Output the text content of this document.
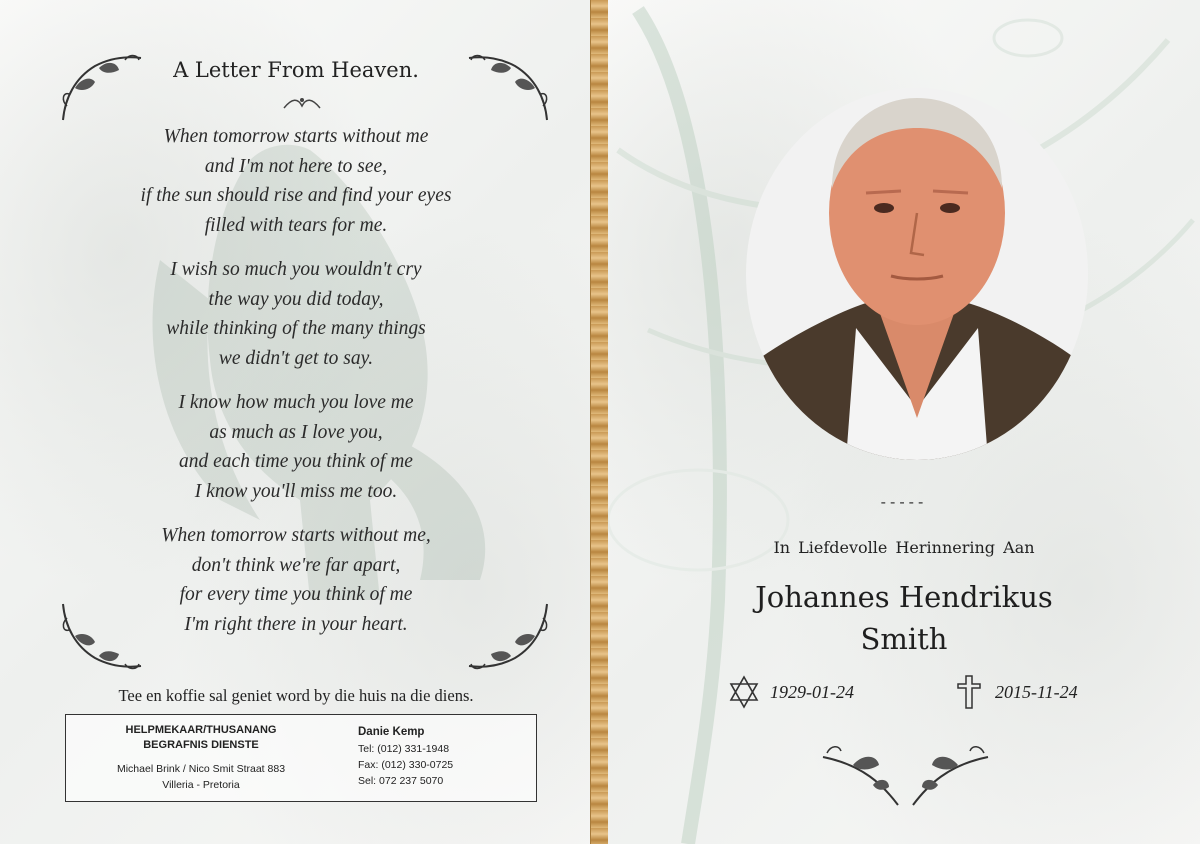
A Letter From Heaven.
When tomorrow starts without me
and I'm not here to see,
if the sun should rise and find your eyes
filled with tears for me.
I wish so much you wouldn't cry
the way you did today,
while thinking of the many things
we didn't get to say.
I know how much you love me
as much as I love you,
and each time you think of me
I know you'll miss me too.
When tomorrow starts without me,
don't think we're far apart,
for every time you think of me
I'm right there in your heart.
Tee en koffie sal geniet word by die huis na die diens.
HELPMEKAAR/THUSANANG
BEGRAFNIS DIENSTE
Michael Brink / Nico Smit Straat 883
Villeria - Pretoria
Danie Kemp
Tel: (012) 331-1948
Fax: (012) 330-0725
Sel: 072 237 5070
-----
In Liefdevolle Herinnering Aan
Johannes Hendrikus
Smith
1929-01-24	2015-11-24
